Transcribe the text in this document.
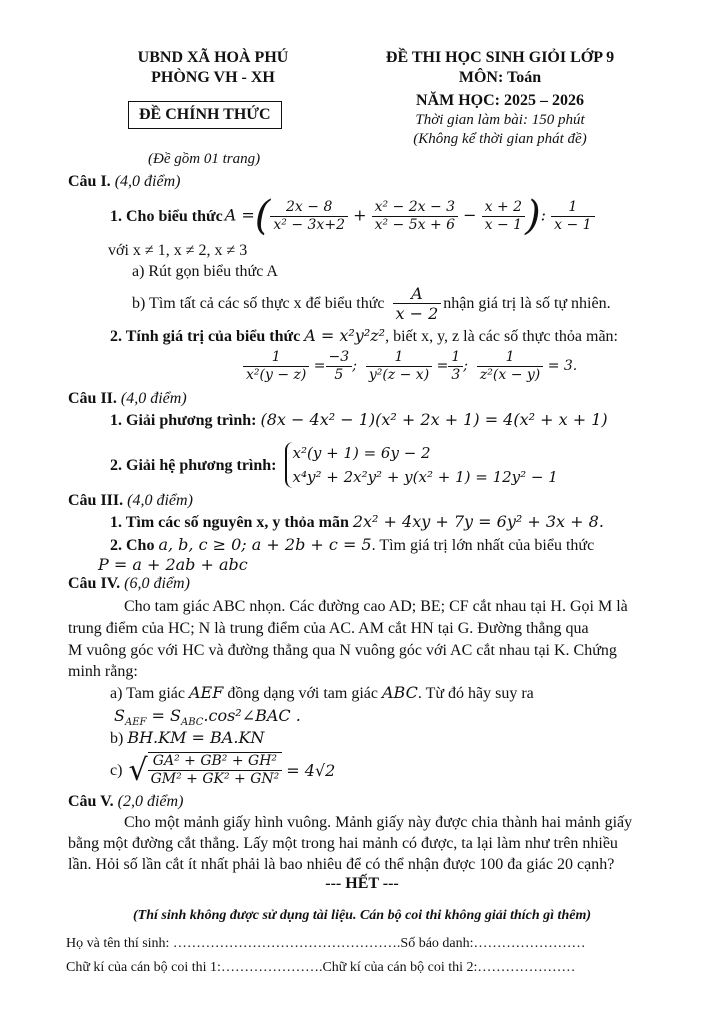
UBND XÃ HOÀ PHÚ
PHÒNG VH - XH
ĐỀ CHÍNH THỨC
(Đề gồm 01 trang)
ĐỀ THI HỌC SINH GIỎI LỚP 9
MÔN: Toán
NĂM HỌC: 2025 – 2026
Thời gian làm bài: 150 phút
(Không kể thời gian phát đề)
Câu I. (4,0 điểm)
1. Cho biểu thức A =( $\frac{2x - 8}{\text{x² − 3x+2}} + \frac{\text{x² − 2x − 3}}{\text{x² − 5x + 6}} - \frac{x + 2}{x - 1}$ ): $\frac{1}{x - 1}$
với x ≠ 1, x ≠ 2, x ≠ 3
a) Rút gọn biểu thức A
b) Tìm tất cả các số thực x để biểu thức $\frac{A}{x - 2}$ nhận giá trị là số tự nhiên.
2. Tính giá trị của biểu thức A = x²y²z², biết x, y, z là các số thực thỏa mãn:
$\frac{1}{\text{x²(y − z)}} = \frac{-3}{5}$ ; $\frac{1}{\text{y²(z − x)}} = \frac{1}{3}$ ; $\frac{1}{\text{z²(x − y)}} = 3$.
Câu II. (4,0 điểm)
1. Giải phương trình: (8x − 4x² − 1)(x² + 2x + 1) = 4(x² + x + 1)
2. Giải hệ phương trình:
x²(y + 1) = 6y − 2
x⁴y² + 2x²y² + y(x² + 1) = 12y² − 1
Câu III. (4,0 điểm)
1. Tìm các số nguyên x, y thỏa mãn 2x² + 4xy + 7y = 6y² + 3x + 8.
2. Cho a, b, c ≥ 0; a + 2b + c = 5. Tìm giá trị lớn nhất của biểu thức
P = a + 2ab + abc
Câu IV. (6,0 điểm)
Cho tam giác ABC nhọn. Các đường cao AD; BE; CF cắt nhau tại H. Gọi M là
trung điểm của HC; N là trung điểm của AC. AM cắt HN tại G. Đường thẳng qua
M vuông góc với HC và đường thẳng qua N vuông góc với AC cắt nhau tại K. Chứng
minh rằng:
a) Tam giác AEF đồng dạng với tam giác ABC. Từ đó hãy suy ra
$S_{AEF}$ = $S_{ABC}.\cos^2\angle BAC$ .
b) BH.KM = BA.KN
c) √ $\frac{\text{GA² + GB² + GH²}}{\text{GM² + GK² + GN²}} = 4√2$
Câu V. (2,0 điểm)
Cho một mảnh giấy hình vuông. Mảnh giấy này được chia thành hai mảnh giấy
bằng một đường cắt thẳng. Lấy một trong hai mảnh có được, ta lại làm như trên nhiều
lần. Hỏi số lần cắt ít nhất phải là bao nhiêu để có thể nhận được 100 đa giác 20 cạnh?
--- HẾT ---
(Thí sinh không được sử dụng tài liệu. Cán bộ coi thi không giải thích gì thêm)
Họ và tên thí sinh: ………………………………………….Số báo danh:……………………
Chữ kí của cán bộ coi thi 1:………………….Chữ kí của cán bộ coi thi 2:…………………
